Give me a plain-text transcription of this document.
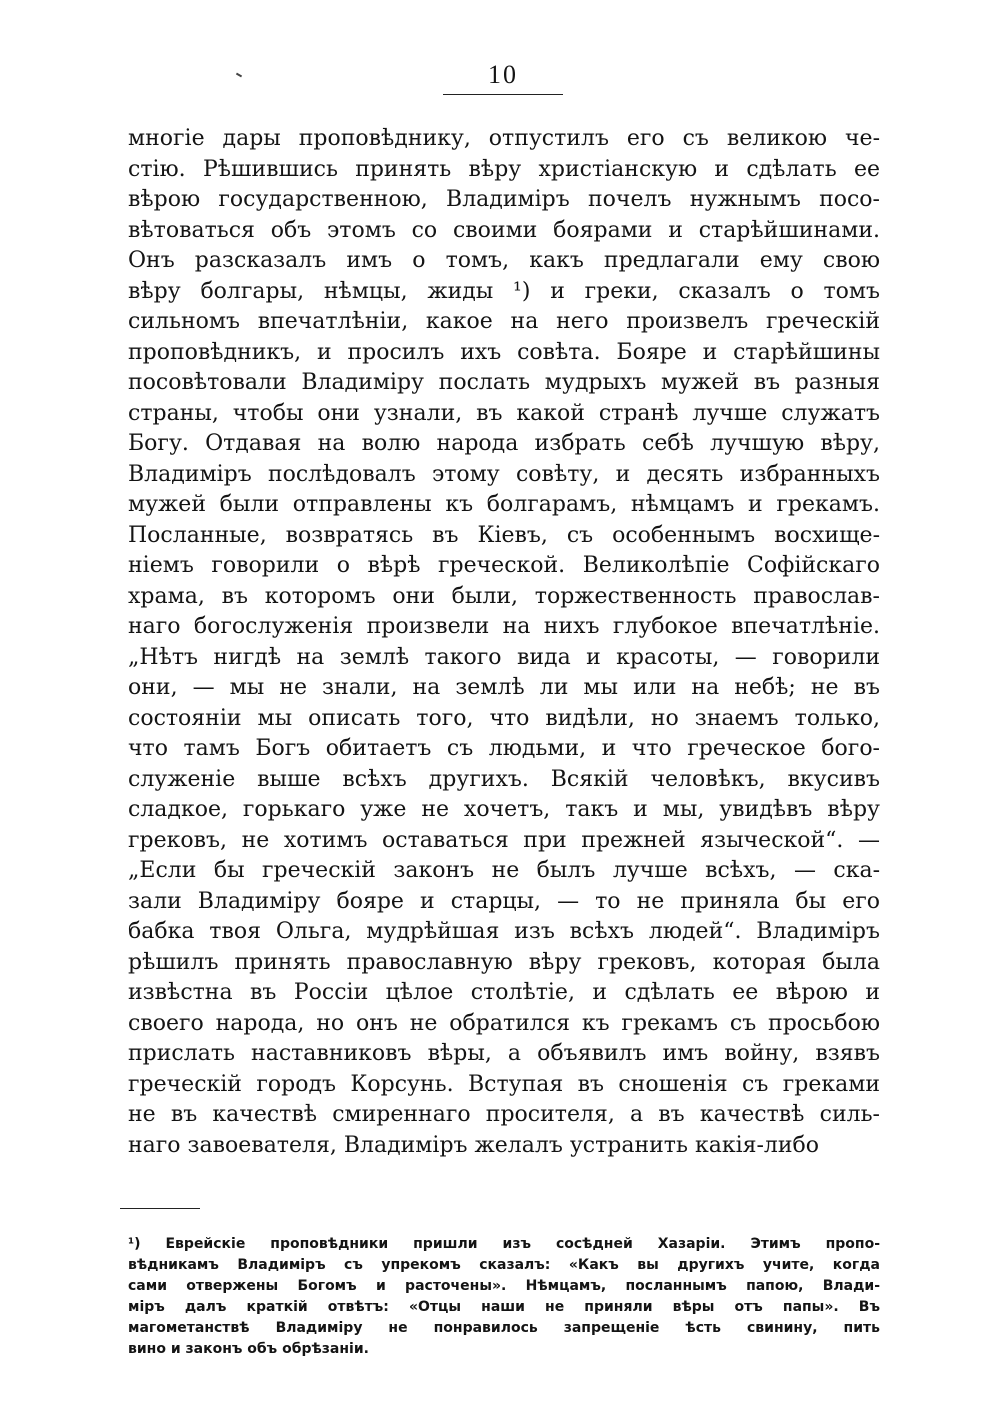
10
многіе дары проповѣднику, отпустилъ его съ великою че-
стію. Рѣшившись принять вѣру христіанскую и сдѣлать ее
вѣрою государственною, Владиміръ почелъ нужнымъ посо-
вѣтоваться объ этомъ со своими боярами и старѣйшинами.
Онъ разсказалъ имъ о томъ, какъ предлагали ему свою
вѣру болгары, нѣмцы, жиды ¹) и греки, сказалъ о томъ
сильномъ впечатлѣніи, какое на него произвелъ греческій
проповѣдникъ, и просилъ ихъ совѣта. Бояре и старѣйшины
посовѣтовали Владиміру послать мудрыхъ мужей въ разныя
страны, чтобы они узнали, въ какой странѣ лучше служатъ
Богу. Отдавая на волю народа избрать себѣ лучшую вѣру,
Владиміръ послѣдовалъ этому совѣту, и десять избранныхъ
мужей были отправлены къ болгарамъ, нѣмцамъ и грекамъ.
Посланные, возвратясь въ Кіевъ, съ особеннымъ восхище-
ніемъ говорили о вѣрѣ греческой. Великолѣпіе Софійскаго
храма, въ которомъ они были, торжественность православ-
наго богослуженія произвели на нихъ глубокое впечатлѣніе.
„Нѣтъ нигдѣ на землѣ такого вида и красоты, — говорили
они, — мы не знали, на землѣ ли мы или на небѣ; не въ
состояніи мы описать того, что видѣли, но знаемъ только,
что тамъ Богъ обитаетъ съ людьми, и что греческое бого-
служеніе выше всѣхъ другихъ. Всякій человѣкъ, вкусивъ
сладкое, горькаго уже не хочетъ, такъ и мы, увидѣвъ вѣру
грековъ, не хотимъ оставаться при прежней языческой“. —
„Если бы греческій законъ не былъ лучше всѣхъ, — ска-
зали Владиміру бояре и старцы, — то не приняла бы его
бабка твоя Ольга, мудрѣйшая изъ всѣхъ людей“. Владиміръ
рѣшилъ принять православную вѣру грековъ, которая была
извѣстна въ Россіи цѣлое столѣтіе, и сдѣлать ее вѣрою и
своего народа, но онъ не обратился къ грекамъ съ просьбою
прислать наставниковъ вѣры, а объявилъ имъ войну, взявъ
греческій городъ Корсунь. Вступая въ сношенія съ греками
не въ качествѣ смиреннаго просителя, а въ качествѣ силь-
наго завоевателя, Владиміръ желалъ устранить какія-либо
¹) Еврейскіе проповѣдники пришли изъ сосѣдней Хазаріи. Этимъ пропо-
вѣдникамъ Владиміръ съ упрекомъ сказалъ: «Какъ вы другихъ учите, когда
сами отвержены Богомъ и расточены». Нѣмцамъ, посланнымъ папою, Влади-
міръ далъ краткій отвѣтъ: «Отцы наши не приняли вѣры отъ папы». Въ
магометанствѣ Владиміру не понравилось запрещеніе ѣсть свинину, пить
вино и законъ объ обрѣзаніи.
